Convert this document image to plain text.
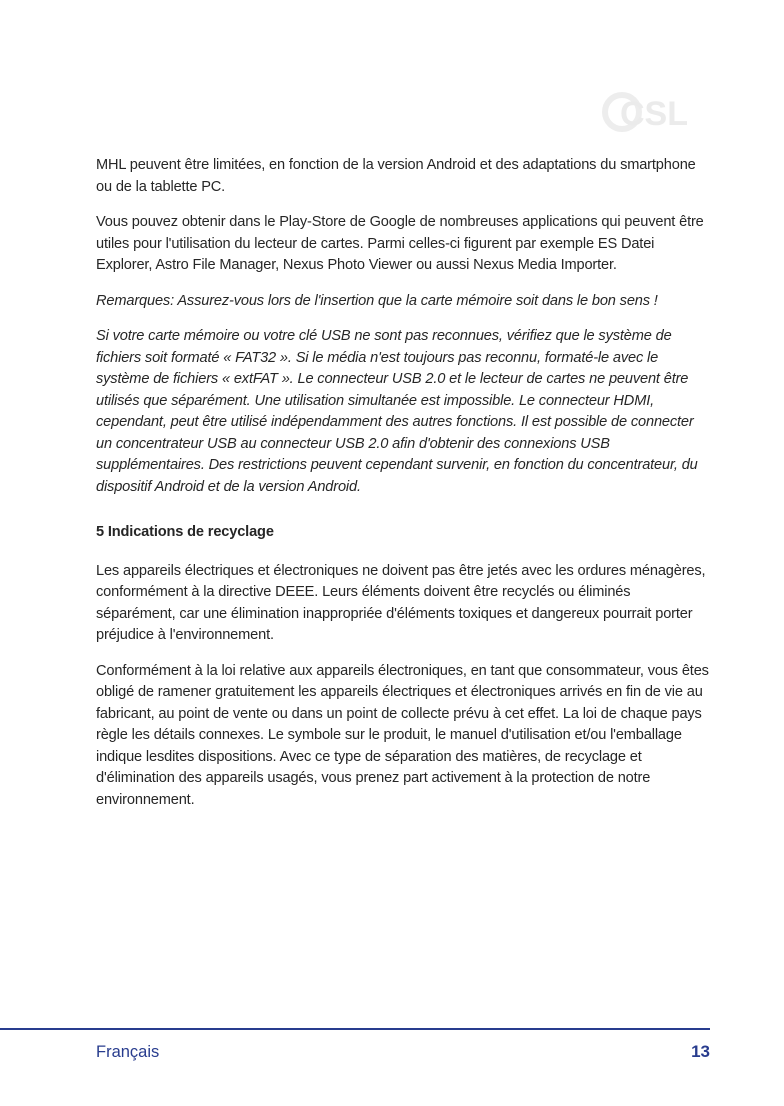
CSL

MHL peuvent être limitées, en fonction de la version Android et des adaptations du smartphone ou de la tablette PC.

Vous pouvez obtenir dans le Play-Store de Google de nombreuses applications qui peuvent être utiles pour l'utilisation du lecteur de cartes. Parmi celles-ci figurent par exemple ES Datei Explorer, Astro File Manager, Nexus Photo Viewer ou aussi Nexus Media Importer.

Remarques: Assurez-vous lors de l'insertion que la carte mémoire soit dans le bon sens !

Si votre carte mémoire ou votre clé USB ne sont pas reconnues, vérifiez que le système de fichiers soit formaté « FAT32 ». Si le média n'est toujours pas reconnu, formaté-le avec le système de fichiers « extFAT ». Le connecteur USB 2.0 et le lecteur de cartes ne peuvent être utilisés que séparément. Une utilisation simultanée est impossible. Le connecteur HDMI, cependant, peut être utilisé indépendamment des autres fonctions. Il est possible de connecter un concentrateur USB au connecteur USB 2.0 afin d'obtenir des connexions USB supplémentaires. Des restrictions peuvent cependant survenir, en fonction du concentrateur, du dispositif Android et de la version Android.

5 Indications de recyclage

Les appareils électriques et électroniques ne doivent pas être jetés avec les ordures ménagères, conformément à la directive DEEE. Leurs éléments doivent être recyclés ou éliminés séparément, car une élimination inappropriée d'éléments toxiques et dangereux pourrait porter préjudice à l'environnement.

Conformément à la loi relative aux appareils électroniques, en tant que consommateur, vous êtes obligé de ramener gratuitement les appareils électriques et électroniques arrivés en fin de vie au fabricant, au point de vente ou dans un point de collecte prévu à cet effet. La loi de chaque pays règle les détails connexes. Le symbole sur le produit, le manuel d'utilisation et/ou l'emballage indique lesdites dispositions. Avec ce type de séparation des matières, de recyclage et d'élimination des appareils usagés, vous prenez part activement à la protection de notre environnement.

Français	13
